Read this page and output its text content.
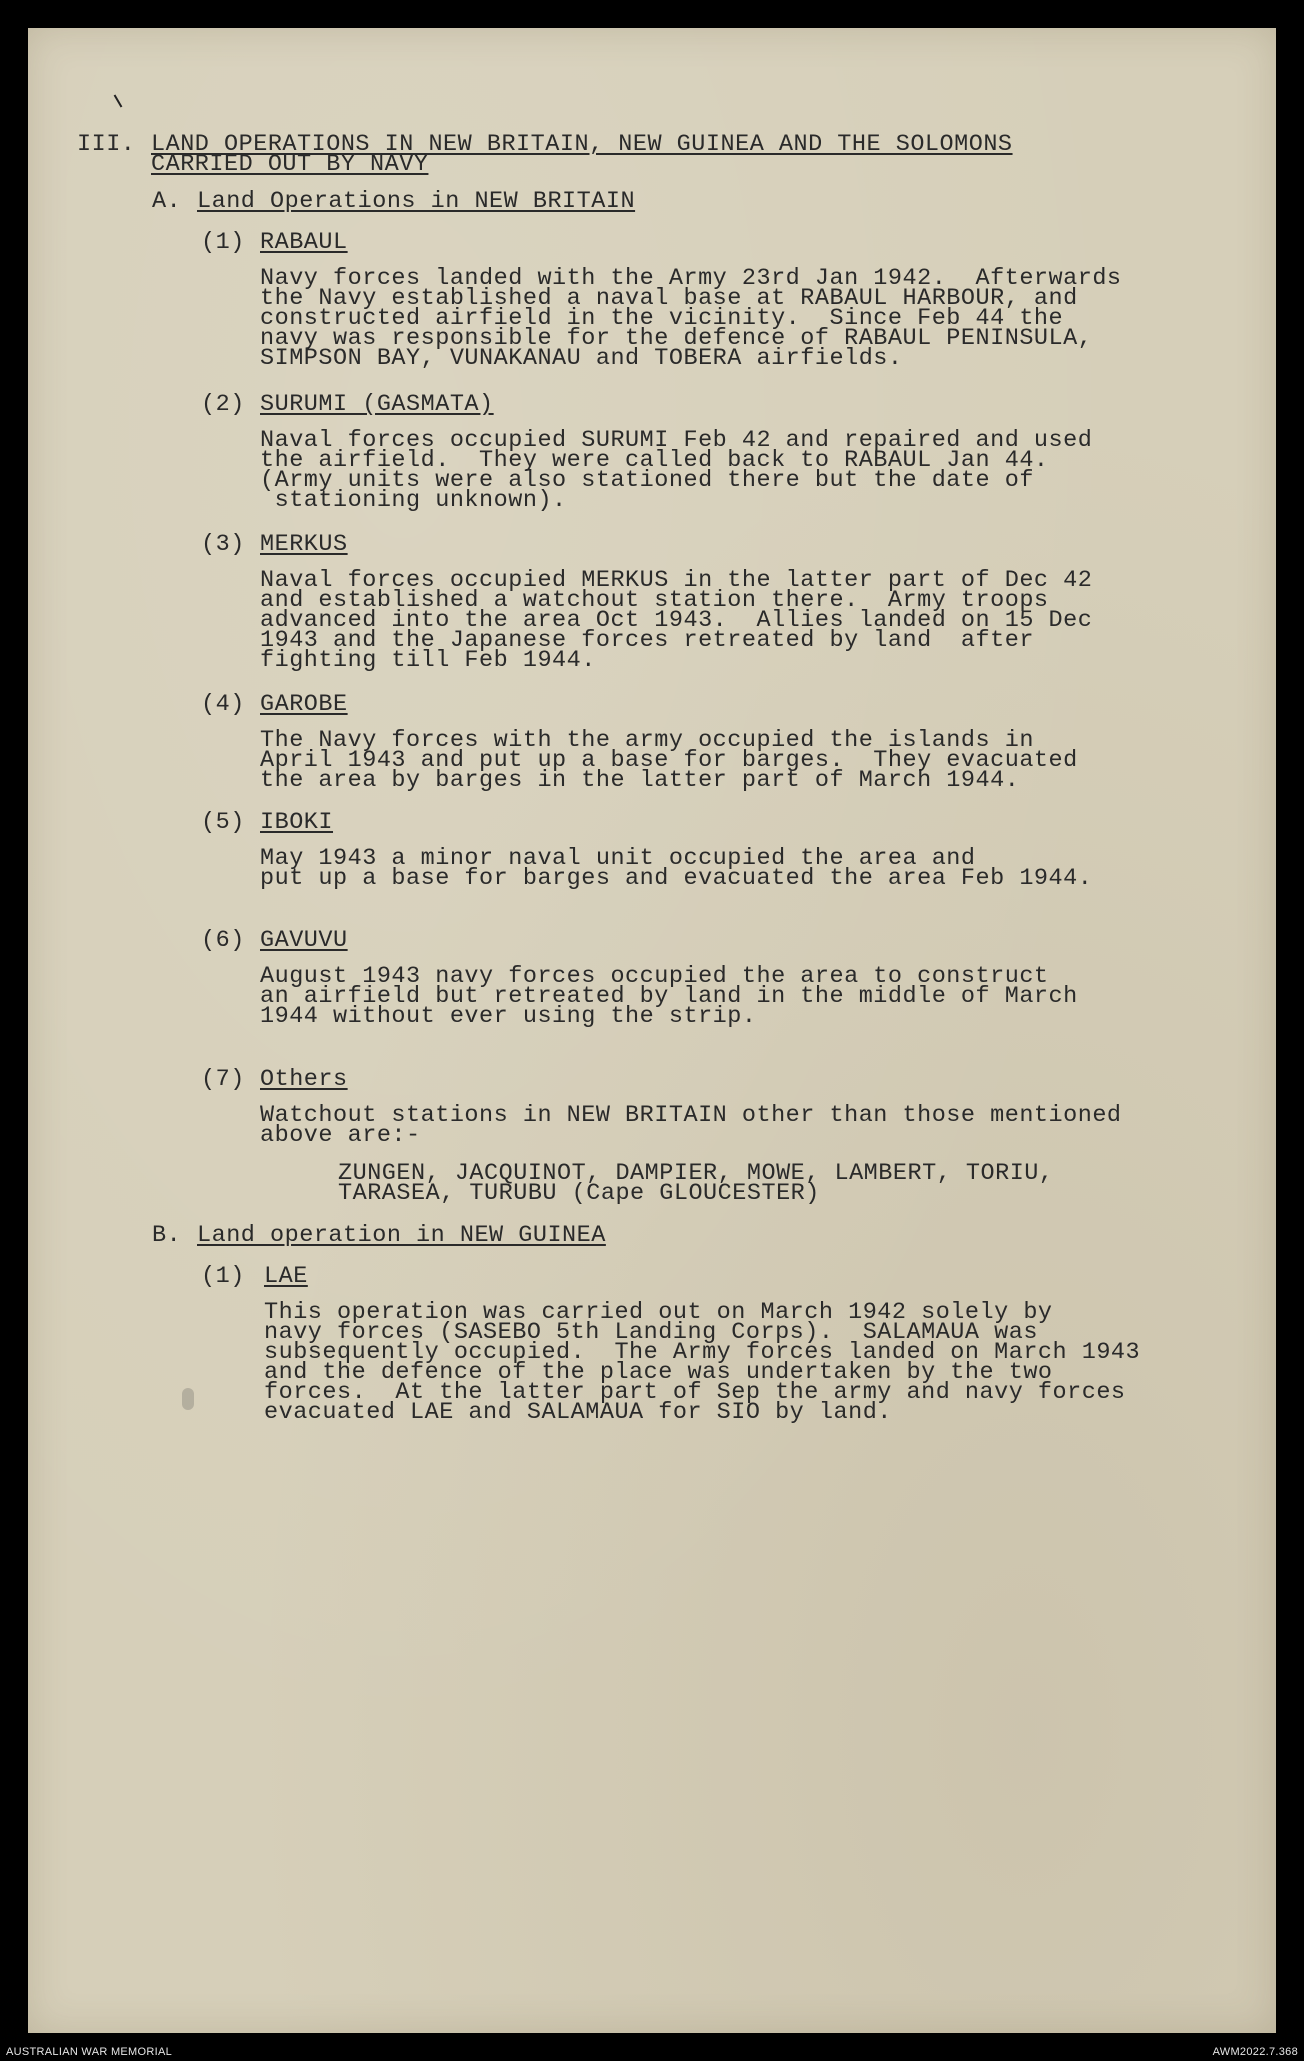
III. LAND OPERATIONS IN NEW BRITAIN, NEW GUINEA AND THE SOLOMONS
CARRIED OUT BY NAVY
A. Land Operations in NEW BRITAIN
(1) RABAUL
Navy forces landed with the Army 23rd Jan 1942.  Afterwards
the Navy established a naval base at RABAUL HARBOUR, and
constructed airfield in the vicinity.  Since Feb 44 the
navy was responsible for the defence of RABAUL PENINSULA,
SIMPSON BAY, VUNAKANAU and TOBERA airfields.
(2) SURUMI (GASMATA)
Naval forces occupied SURUMI Feb 42 and repaired and used
the airfield.  They were called back to RABAUL Jan 44.
(Army units were also stationed there but the date of
stationing unknown).
(3) MERKUS
Naval forces occupied MERKUS in the latter part of Dec 42
and established a watchout station there.  Army troops
advanced into the area Oct 1943.  Allies landed on 15 Dec
1943 and the Japanese forces retreated by land  after
fighting till Feb 1944.
(4) GAROBE
The Navy forces with the army occupied the islands in
April 1943 and put up a base for barges.  They evacuated
the area by barges in the latter part of March 1944.
(5) IBOKI
May 1943 a minor naval unit occupied the area and
put up a base for barges and evacuated the area Feb 1944.
(6) GAVUVU
August 1943 navy forces occupied the area to construct
an airfield but retreated by land in the middle of March
1944 without ever using the strip.
(7) Others
Watchout stations in NEW BRITAIN other than those mentioned
above are:-
ZUNGEN, JACQUINOT, DAMPIER, MOWE, LAMBERT, TORIU,
TARASEA, TURUBU (Cape GLOUCESTER)
B. Land operation in NEW GUINEA
(1) LAE
This operation was carried out on March 1942 solely by
navy forces (SASEBO 5th Landing Corps).  SALAMAUA was
subsequently occupied.  The Army forces landed on March 1943
and the defence of the place was undertaken by the two
forces.  At the latter part of Sep the army and navy forces
evacuated LAE and SALAMAUA for SIO by land.
AUSTRALIAN WAR MEMORIAL	AWM2022.7.368
